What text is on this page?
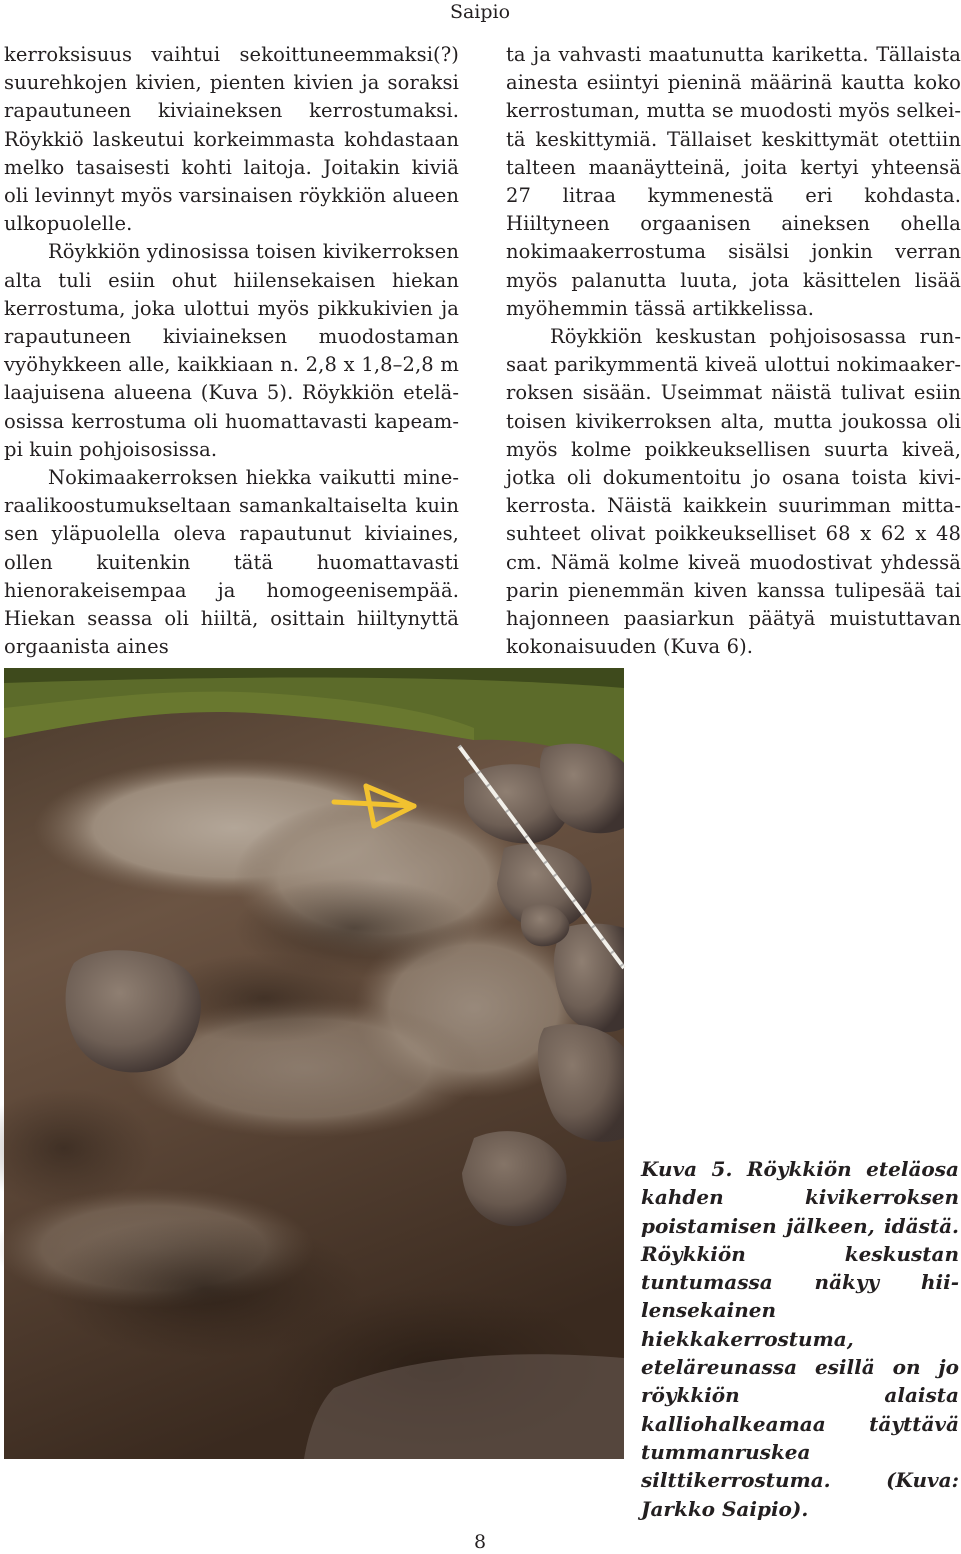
Saipio

kerroksisuus vaihtui sekoittuneemmaksi(?) suurehkojen kivien, pienten kivien ja soraksi rapautuneen kiviaineksen kerrostumaksi. Röykkiö laskeutui korkeimmasta kohdastaan melko tasaisesti kohti laitoja. Joitakin kiviä oli levinnyt myös varsinaisen röykkiön alueen ulkopuolelle.

Röykkiön ydinosissa toisen kivikerroksen alta tuli esiin ohut hiilensekaisen hiekan kerrostuma, joka ulottui myös pikkukivien ja rapautuneen kiviaineksen muodostaman vyöhykkeen alle, kaikkiaan n. 2,8 x 1,8–2,8 m laajuisena alueena (Kuva 5). Röykkiön eteläosissa kerrostuma oli huomattavasti kapeampi kuin pohjoisosissa.

Nokimaakerroksen hiekka vaikutti mineraalikoostumukseltaan samankaltaiselta kuin sen yläpuolella oleva rapautunut kiviaines, ollen kuitenkin tätä huomattavasti hienorakeisempaa ja homogeenisempää. Hiekan seassa oli hiiltä, osittain hiiltynyttä orgaanista aines

ta ja vahvasti maatunutta kariketta. Tällaista ainesta esiintyi pieninä määrinä kautta koko kerrostuman, mutta se muodosti myös selkeitä keskittymiä. Tällaiset keskittymät otettiin talteen maanäytteinä, joita kertyi yhteensä 27 litraa kymmenestä eri kohdasta. Hiiltyneen orgaanisen aineksen ohella nokimaakerrostuma sisälsi jonkin verran myös palanutta luuta, jota käsittelen lisää myöhemmin tässä artikkelissa.

Röykkiön keskustan pohjoisosassa runsaat parikymmentä kiveä ulottui nokimaakerroksen sisään. Useimmat näistä tulivat esiin toisen kivikerroksen alta, mutta joukossa oli myös kolme poikkeuksellisen suurta kiveä, jotka oli dokumentoitu jo osana toista kivikerrosta. Näistä kaikkein suurimman mittasuhteet olivat poikkeukselliset 68 x 62 x 48 cm. Nämä kolme kiveä muodostivat yhdessä parin pienemmän kiven kanssa tulipesää tai hajonneen paasiarkun päätyä muistuttavan kokonaisuuden (Kuva 6).

Kuva 5. Röykkiön eteläosa kahden kivikerroksen poistamisen jälkeen, idästä. Röykkiön keskustan tuntumassa näkyy hiilensekainen hiekkakerrostuma, eteläreunassa esillä on jo röykkiön alaista kalliohalkeamaa täyttävä tummanruskea silttikerrostuma. (Kuva: Jarkko Saipio).
8
